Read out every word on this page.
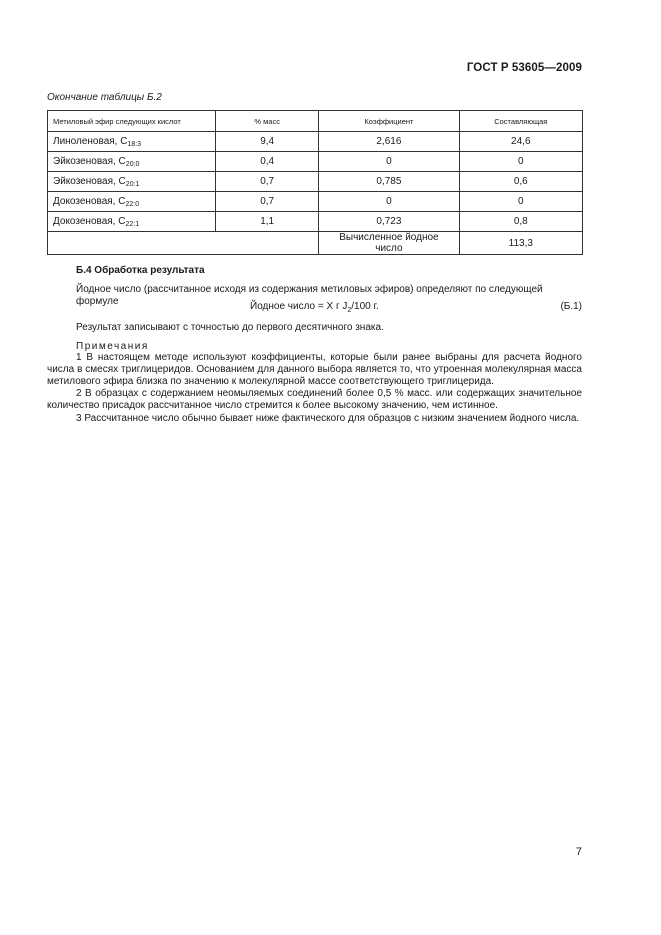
ГОСТ Р 53605—2009
Окончание таблицы Б.2
Метиловый эфир следующих кислот	% масс	Коэффициент	Составляющая
Линоленовая, $C_{18:3}$	9,4	2,616	24,6
Эйкозеновая, $C_{20:0}$	0,4	0	0
Эйкозеновая, $C_{20:1}$	0,7	0,785	0,6
Докозеновая, $C_{22:0}$	0,7	0	0
Докозеновая, $C_{22:1}$	1,1	0,723	0,8
		Вычисленное йодное число	113,3
Б.4 Обработка результата
Йодное число (рассчитанное исходя из содержания метиловых эфиров) определяют по следующей формуле	Йодное число = X г $J_2/100$ г.	(Б.1)
Результат записывают с точностью до первого десятичного знака.
Примечания
1 В настоящем методе используют коэффициенты, которые были ранее выбраны для расчета йодного числа в смесях триглицеридов. Основанием для данного выбора является то, что утроенная молекулярная масса метилового эфира близка по значению к молекулярной массе соответствующего триглицерида.
2 В образцах с содержанием неомыляемых соединений более 0,5 % масс. или содержащих значительное количество присадок рассчитанное число стремится к более высокому значению, чем истинное.
3 Рассчитанное число обычно бывает ниже фактического для образцов с низким значением йодного числа.
7
